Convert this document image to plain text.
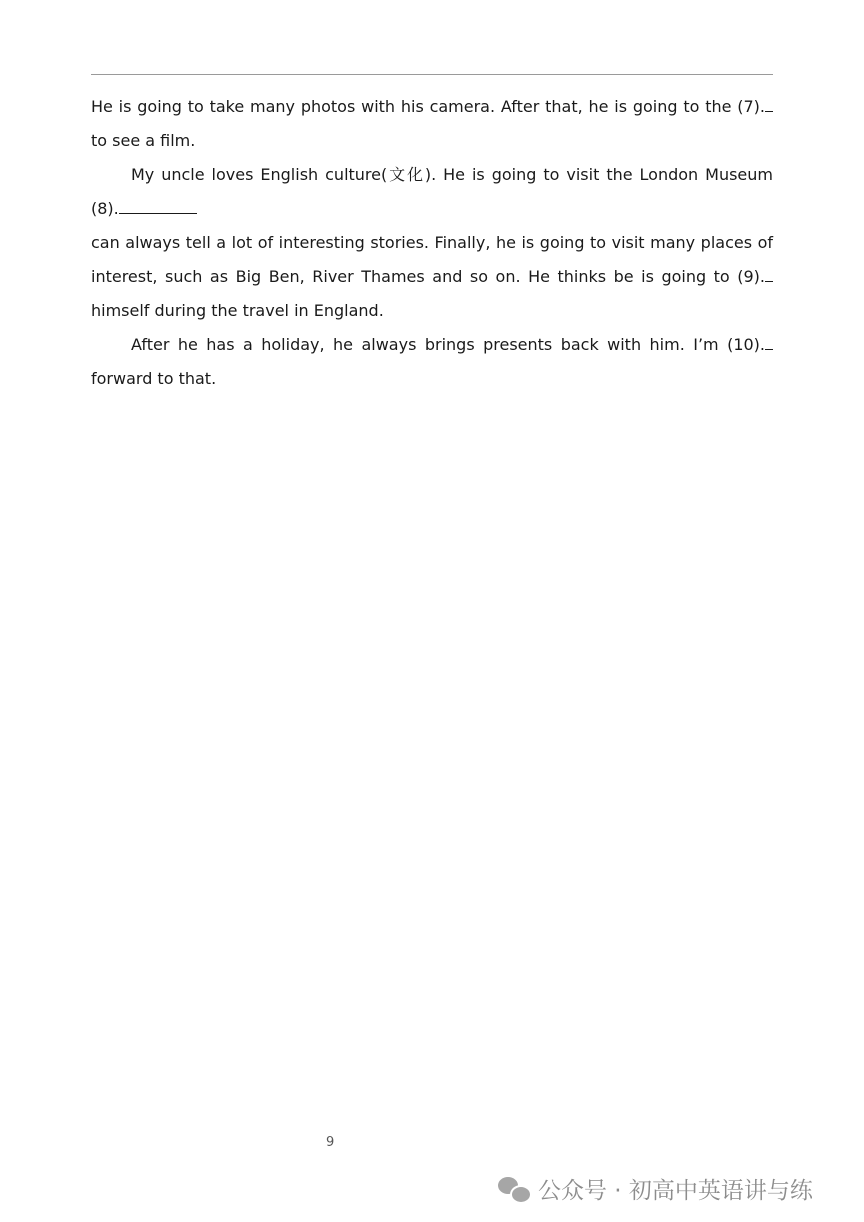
He is going to take many photos with his camera. After that, he is going to the (7).
to see a film.
My uncle loves English culture(文化). He is going to visit the London Museum
(8).
can always tell a lot of interesting stories. Finally, he is going to visit many places of
interest, such as Big Ben, River Thames and so on. He thinks be is going to (9).
himself during the travel in England.
After he has a holiday, he always brings presents back with him. I’m (10).
forward to that.
9
公众号 · 初高中英语讲与练
